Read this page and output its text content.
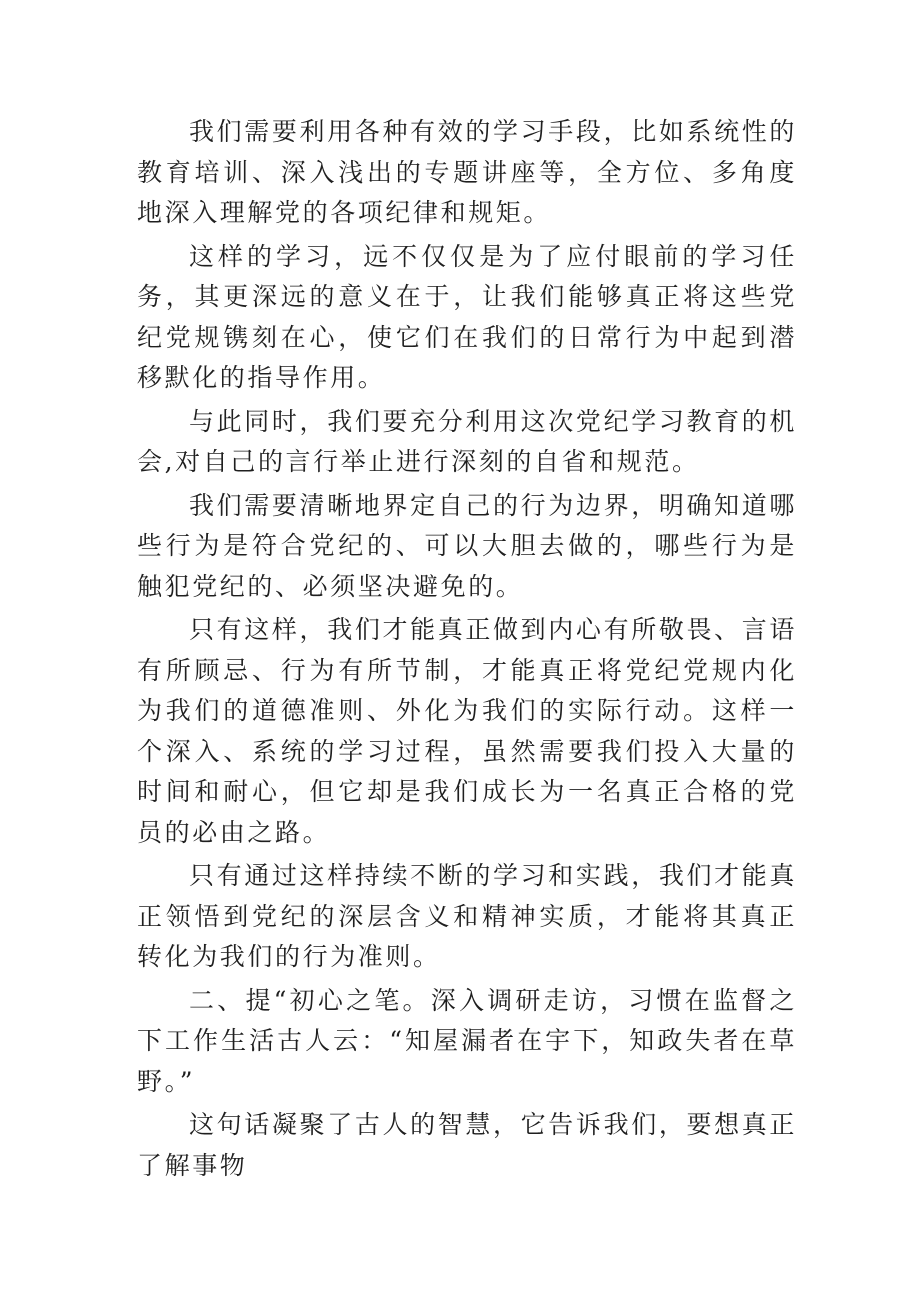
我们需要利用各种有效的学习手段，比如系统性的教育培训、深入浅出的专题讲座等，全方位、多角度地深入理解党的各项纪律和规矩。

这样的学习，远不仅仅是为了应付眼前的学习任务，其更深远的意义在于，让我们能够真正将这些党纪党规镌刻在心，使它们在我们的日常行为中起到潜移默化的指导作用。

与此同时，我们要充分利用这次党纪学习教育的机会,对自己的言行举止进行深刻的自省和规范。

我们需要清晰地界定自己的行为边界，明确知道哪些行为是符合党纪的、可以大胆去做的，哪些行为是触犯党纪的、必须坚决避免的。

只有这样，我们才能真正做到内心有所敬畏、言语有所顾忌、行为有所节制，才能真正将党纪党规内化为我们的道德准则、外化为我们的实际行动。这样一个深入、系统的学习过程，虽然需要我们投入大量的时间和耐心，但它却是我们成长为一名真正合格的党员的必由之路。

只有通过这样持续不断的学习和实践，我们才能真正领悟到党纪的深层含义和精神实质，才能将其真正转化为我们的行为准则。

二、提“初心之笔。深入调研走访，习惯在监督之下工作生活古人云：“知屋漏者在宇下，知政失者在草野。”

这句话凝聚了古人的智慧，它告诉我们，要想真正了解事物
